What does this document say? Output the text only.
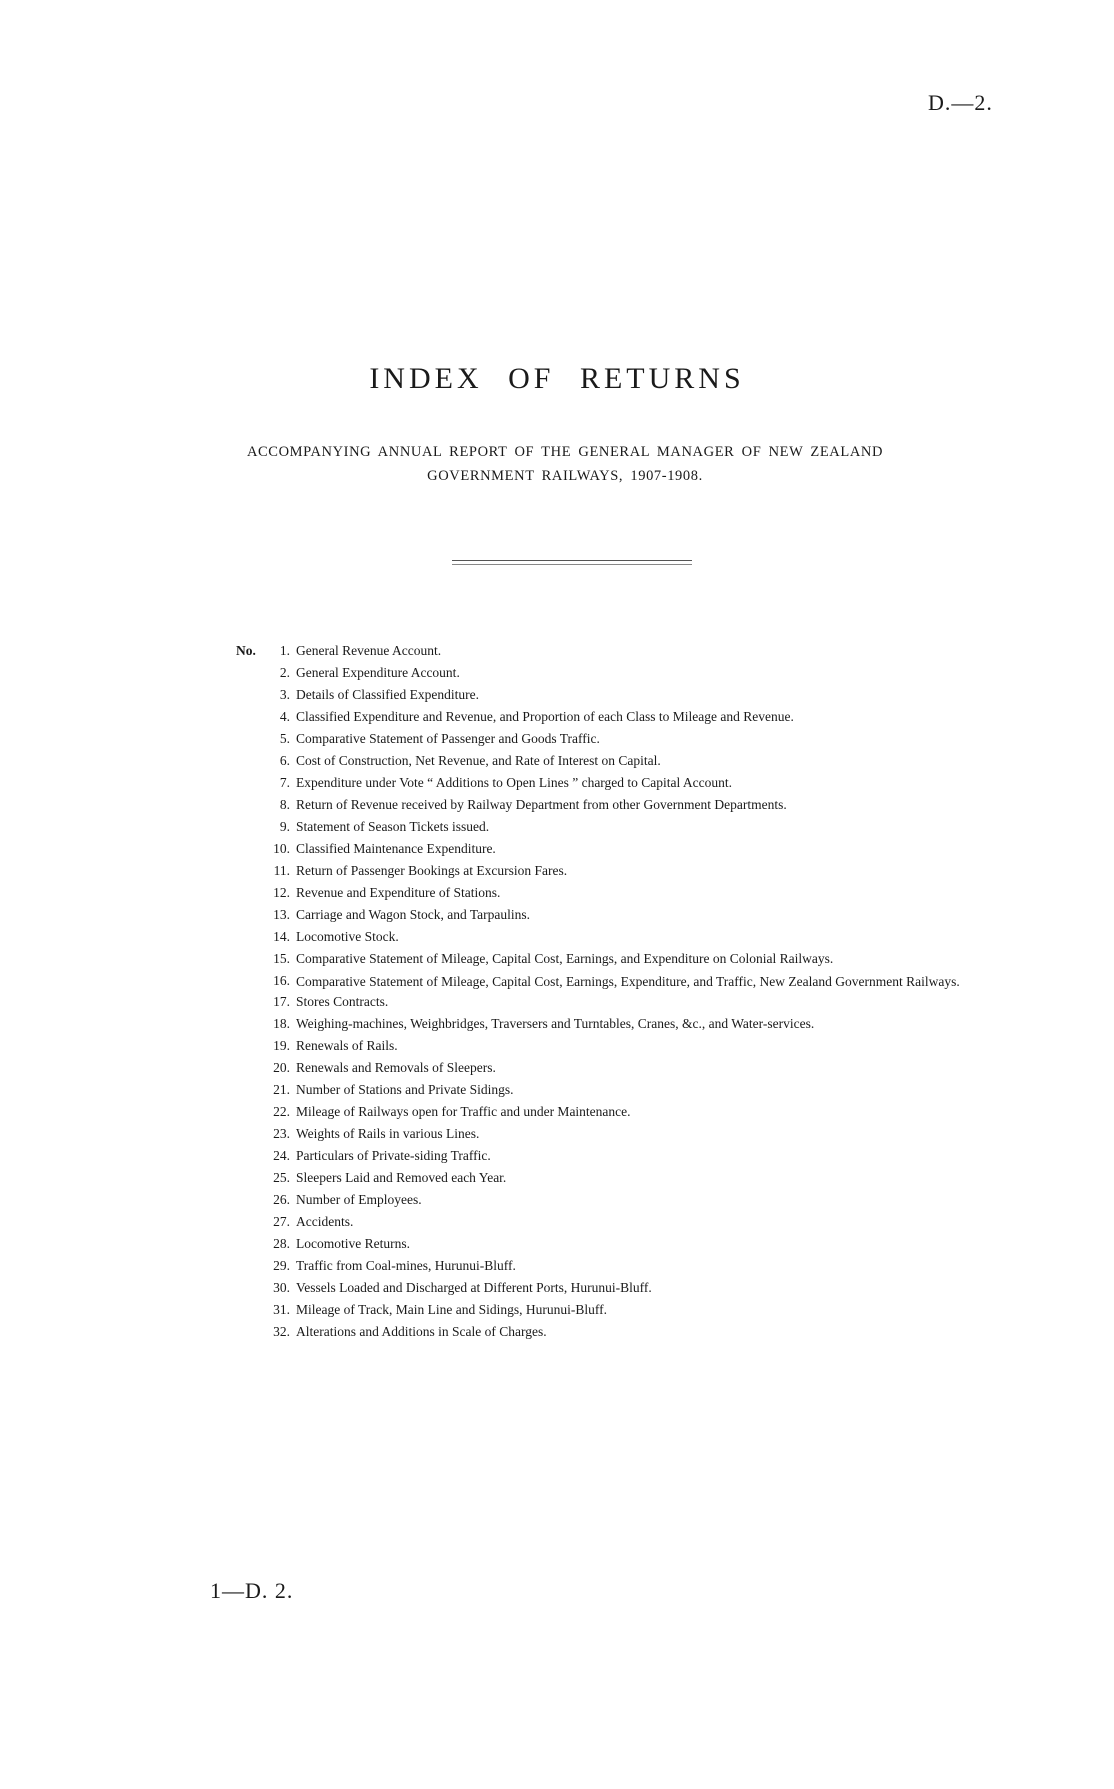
D.—2.
INDEX OF RETURNS
ACCOMPANYING ANNUAL REPORT OF THE GENERAL MANAGER OF NEW ZEALAND
GOVERNMENT RAILWAYS, 1907-1908.
No.	1. General Revenue Account.
2. General Expenditure Account.
3. Details of Classified Expenditure.
4. Classified Expenditure and Revenue, and Proportion of each Class to Mileage and Revenue.
5. Comparative Statement of Passenger and Goods Traffic.
6. Cost of Construction, Net Revenue, and Rate of Interest on Capital.
7. Expenditure under Vote “ Additions to Open Lines ” charged to Capital Account.
8. Return of Revenue received by Railway Department from other Government Departments.
9. Statement of Season Tickets issued.
10. Classified Maintenance Expenditure.
11. Return of Passenger Bookings at Excursion Fares.
12. Revenue and Expenditure of Stations.
13. Carriage and Wagon Stock, and Tarpaulins.
14. Locomotive Stock.
15. Comparative Statement of Mileage, Capital Cost, Earnings, and Expenditure on Colonial Railways.
16. Comparative Statement of Mileage, Capital Cost, Earnings, Expenditure, and Traffic, New Zealand Government Railways.
17. Stores Contracts.
18. Weighing-machines, Weighbridges, Traversers and Turntables, Cranes, &c., and Water-services.
19. Renewals of Rails.
20. Renewals and Removals of Sleepers.
21. Number of Stations and Private Sidings.
22. Mileage of Railways open for Traffic and under Maintenance.
23. Weights of Rails in various Lines.
24. Particulars of Private-siding Traffic.
25. Sleepers Laid and Removed each Year.
26. Number of Employees.
27. Accidents.
28. Locomotive Returns.
29. Traffic from Coal-mines, Hurunui-Bluff.
30. Vessels Loaded and Discharged at Different Ports, Hurunui-Bluff.
31. Mileage of Track, Main Line and Sidings, Hurunui-Bluff.
32. Alterations and Additions in Scale of Charges.
1—D. 2.
